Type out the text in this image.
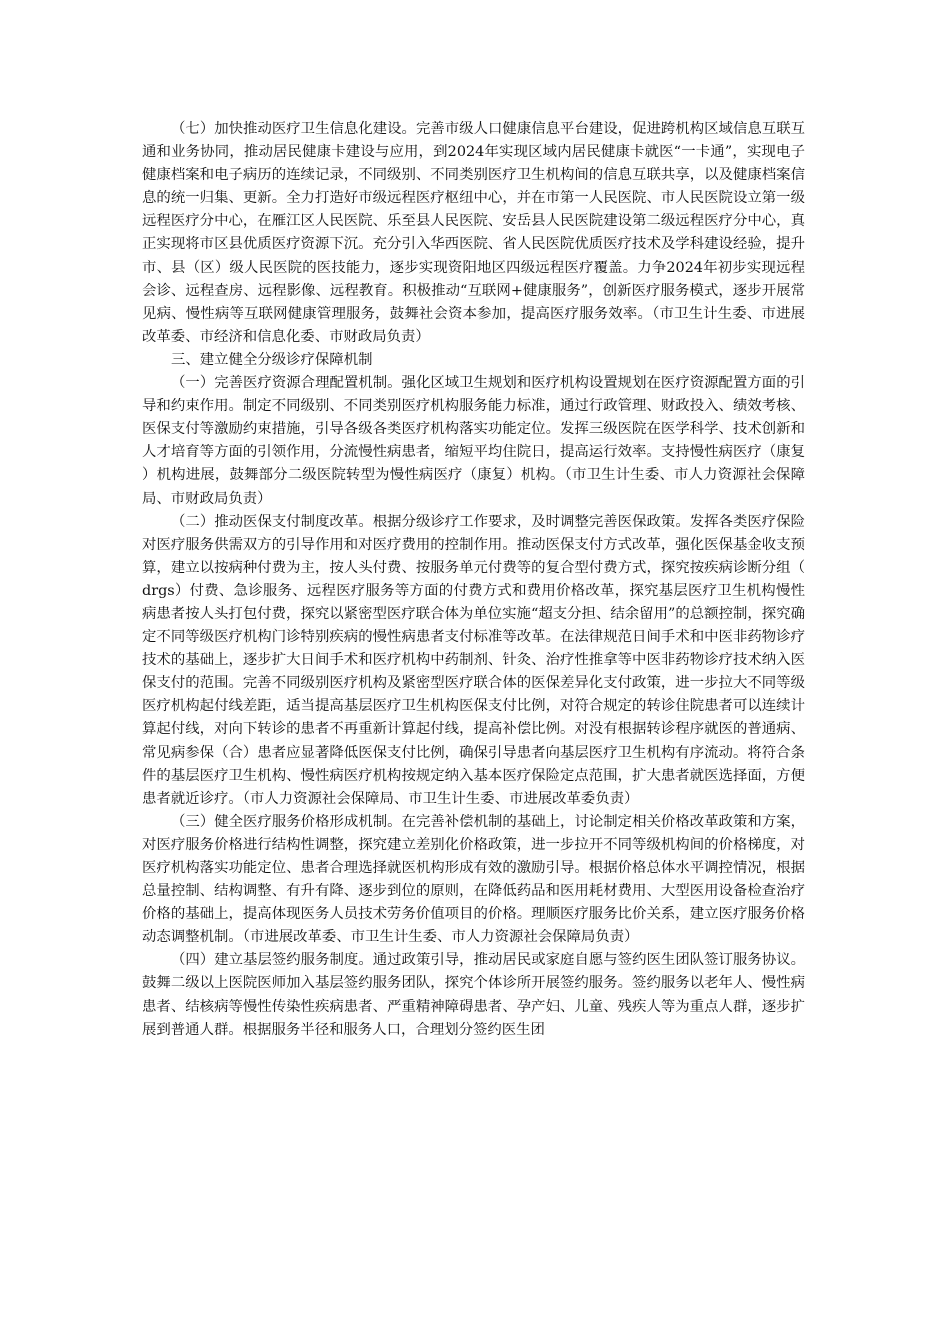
（七）加快推动医疗卫生信息化建设。完善市级人口健康信息平台建设，促进跨机构区域信息互联互通和业务协同，推动居民健康卡建设与应用，到2024年实现区域内居民健康卡就医“一卡通”，实现电子健康档案和电子病历的连续记录，不同级别、不同类别医疗卫生机构间的信息互联共享，以及健康档案信息的统一归集、更新。全力打造好市级远程医疗枢纽中心，并在市第一人民医院、市人民医院设立第一级远程医疗分中心，在雁江区人民医院、乐至县人民医院、安岳县人民医院建设第二级远程医疗分中心，真正实现将市区县优质医疗资源下沉。充分引入华西医院、省人民医院优质医疗技术及学科建设经验，提升市、县（区）级人民医院的医技能力，逐步实现资阳地区四级远程医疗覆盖。力争2024年初步实现远程会诊、远程查房、远程影像、远程教育。积极推动“互联网+健康服务”，创新医疗服务模式，逐步开展常见病、慢性病等互联网健康管理服务，鼓舞社会资本参加，提高医疗服务效率。（市卫生计生委、市进展改革委、市经济和信息化委、市财政局负责）

三、建立健全分级诊疗保障机制

（一）完善医疗资源合理配置机制。强化区域卫生规划和医疗机构设置规划在医疗资源配置方面的引导和约束作用。制定不同级别、不同类别医疗机构服务能力标准，通过行政管理、财政投入、绩效考核、医保支付等激励约束措施，引导各级各类医疗机构落实功能定位。发挥三级医院在医学科学、技术创新和人才培育等方面的引领作用，分流慢性病患者，缩短平均住院日，提高运行效率。支持慢性病医疗（康复）机构进展，鼓舞部分二级医院转型为慢性病医疗（康复）机构。（市卫生计生委、市人力资源社会保障局、市财政局负责）

（二）推动医保支付制度改革。根据分级诊疗工作要求，及时调整完善医保政策。发挥各类医疗保险对医疗服务供需双方的引导作用和对医疗费用的控制作用。推动医保支付方式改革，强化医保基金收支预算，建立以按病种付费为主，按人头付费、按服务单元付费等的复合型付费方式，探究按疾病诊断分组（drgs）付费、急诊服务、远程医疗服务等方面的付费方式和费用价格改革，探究基层医疗卫生机构慢性病患者按人头打包付费，探究以紧密型医疗联合体为单位实施“超支分担、结余留用”的总额控制，探究确定不同等级医疗机构门诊特别疾病的慢性病患者支付标准等改革。在法律规范日间手术和中医非药物诊疗技术的基础上，逐步扩大日间手术和医疗机构中药制剂、针灸、治疗性推拿等中医非药物诊疗技术纳入医保支付的范围。完善不同级别医疗机构及紧密型医疗联合体的医保差异化支付政策，进一步拉大不同等级医疗机构起付线差距，适当提高基层医疗卫生机构医保支付比例，对符合规定的转诊住院患者可以连续计算起付线，对向下转诊的患者不再重新计算起付线，提高补偿比例。对没有根据转诊程序就医的普通病、常见病参保（合）患者应显著降低医保支付比例，确保引导患者向基层医疗卫生机构有序流动。将符合条件的基层医疗卫生机构、慢性病医疗机构按规定纳入基本医疗保险定点范围，扩大患者就医选择面，方便患者就近诊疗。（市人力资源社会保障局、市卫生计生委、市进展改革委负责）

（三）健全医疗服务价格形成机制。在完善补偿机制的基础上，讨论制定相关价格改革政策和方案，对医疗服务价格进行结构性调整，探究建立差别化价格政策，进一步拉开不同等级机构间的价格梯度，对医疗机构落实功能定位、患者合理选择就医机构形成有效的激励引导。根据价格总体水平调控情况，根据总量控制、结构调整、有升有降、逐步到位的原则，在降低药品和医用耗材费用、大型医用设备检查治疗价格的基础上，提高体现医务人员技术劳务价值项目的价格。理顺医疗服务比价关系，建立医疗服务价格动态调整机制。（市进展改革委、市卫生计生委、市人力资源社会保障局负责）

（四）建立基层签约服务制度。通过政策引导，推动居民或家庭自愿与签约医生团队签订服务协议。鼓舞二级以上医院医师加入基层签约服务团队，探究个体诊所开展签约服务。签约服务以老年人、慢性病患者、结核病等慢性传染性疾病患者、严重精神障碍患者、孕产妇、儿童、残疾人等为重点人群，逐步扩展到普通人群。根据服务半径和服务人口，合理划分签约医生团
